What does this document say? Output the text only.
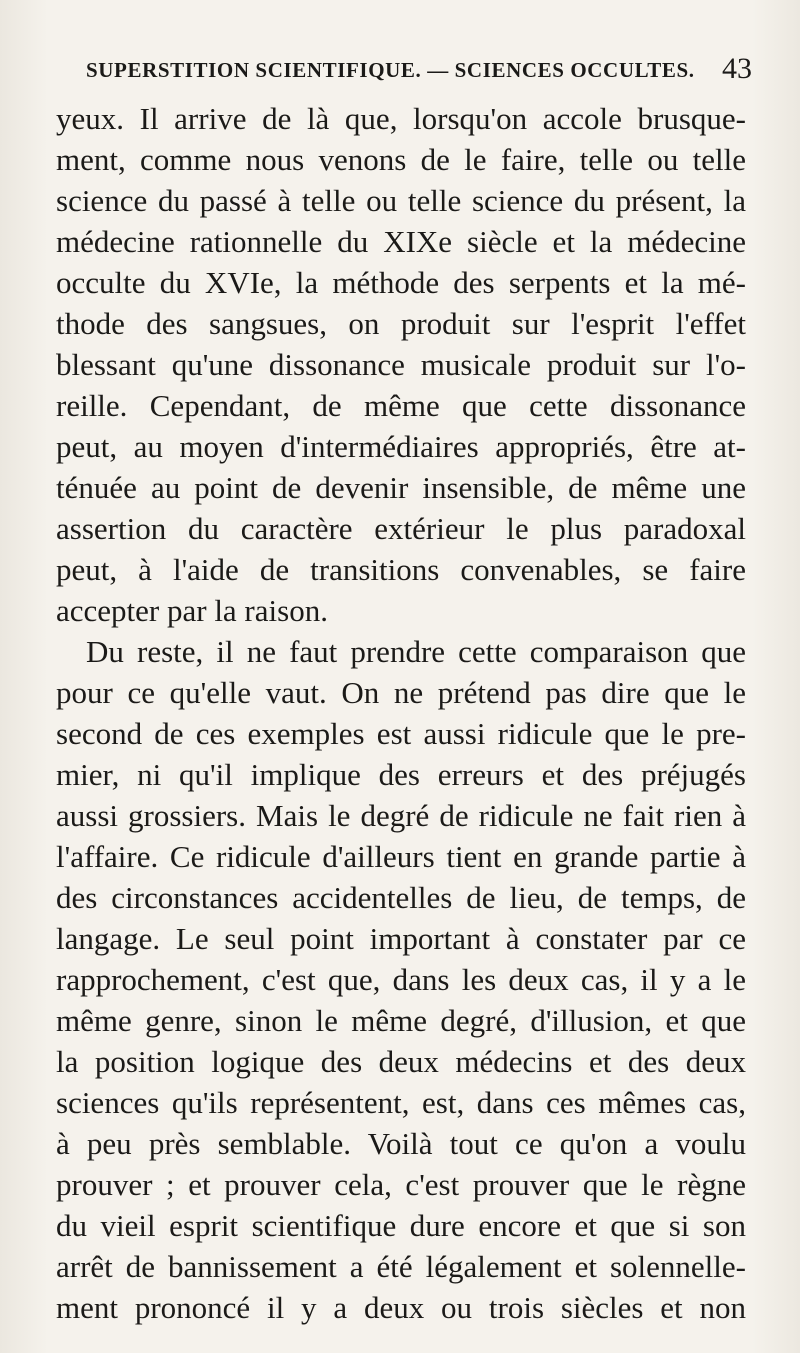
SUPERSTITION SCIENTIFIQUE. — SCIENCES OCCULTES. 43
yeux. Il arrive de là que, lorsqu'on accole brusque-
ment, comme nous venons de le faire, telle ou telle
science du passé à telle ou telle science du présent, la
médecine rationnelle du XIXe siècle et la médecine
occulte du XVIe, la méthode des serpents et la mé-
thode des sangsues, on produit sur l'esprit l'effet
blessant qu'une dissonance musicale produit sur l'o-
reille. Cependant, de même que cette dissonance
peut, au moyen d'intermédiaires appropriés, être at-
ténuée au point de devenir insensible, de même une
assertion du caractère extérieur le plus paradoxal
peut, à l'aide de transitions convenables, se faire
accepter par la raison.
Du reste, il ne faut prendre cette comparaison que
pour ce qu'elle vaut. On ne prétend pas dire que le
second de ces exemples est aussi ridicule que le pre-
mier, ni qu'il implique des erreurs et des préjugés
aussi grossiers. Mais le degré de ridicule ne fait rien à
l'affaire. Ce ridicule d'ailleurs tient en grande partie à
des circonstances accidentelles de lieu, de temps, de
langage. Le seul point important à constater par ce
rapprochement, c'est que, dans les deux cas, il y a le
même genre, sinon le même degré, d'illusion, et que
la position logique des deux médecins et des deux
sciences qu'ils représentent, est, dans ces mêmes cas,
à peu près semblable. Voilà tout ce qu'on a voulu
prouver ; et prouver cela, c'est prouver que le règne
du vieil esprit scientifique dure encore et que si son
arrêt de bannissement a été légalement et solennelle-
ment prononcé il y a deux ou trois siècles et non
